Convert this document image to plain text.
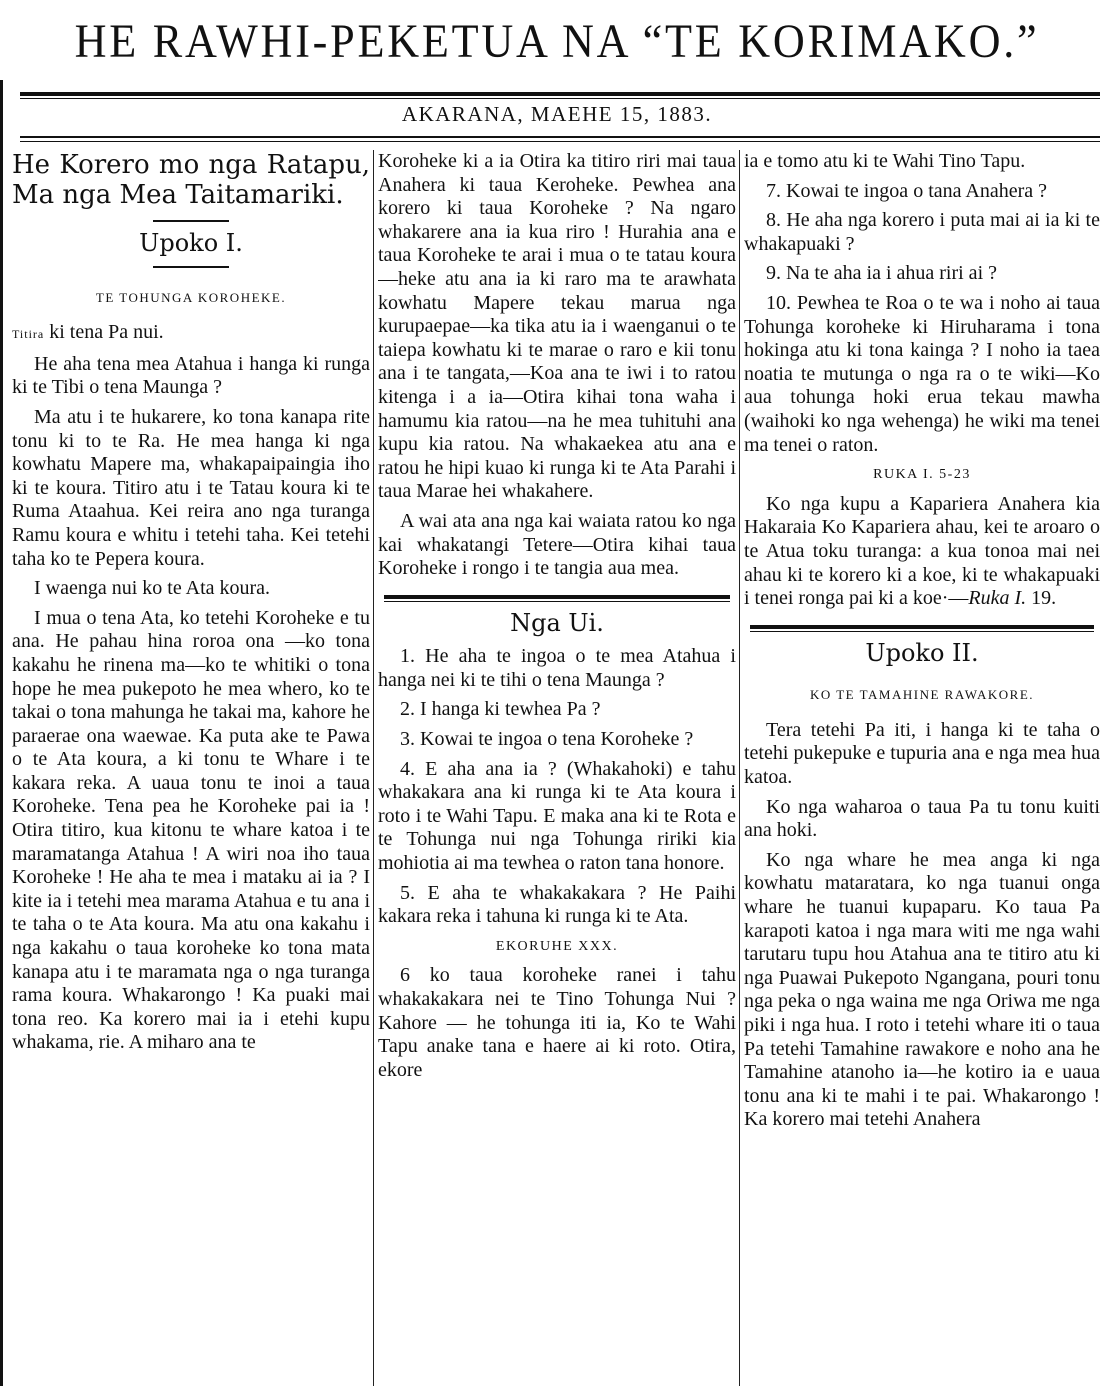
HE RAWHI-PEKETUA NA “TE KORIMAKO.”
AKARANA, MAEHE 15, 1883.
He Korero mo nga Ratapu, Ma nga Mea Taitamariki.
Upoko I.
TE TOHUNGA KOROHEKE.

Titira ki tena Pa nui.

He aha tena mea Atahua i hanga ki runga ki te Tibi o tena Maunga ?

Ma atu i te hukarere, ko tona kanapa rite tonu ki to te Ra. He mea hanga ki nga kowhatu Mapere ma, whakapaipaingia iho ki te koura. Titiro atu i te Tatau koura ki te Ruma Ataahua. Kei reira ano nga turanga Ramu koura e whitu i tetehi taha. Kei tetehi taha ko te Pepera koura.

I waenga nui ko te Ata koura.

I mua o tena Ata, ko tetehi Koroheke e tu ana. He pahau hina roroa ona —ko tona kakahu he rinena ma—ko te whitiki o tona hope he mea pukepoto he mea whero, ko te takai o tona mahunga he takai ma, kahore he paraerae ona waewae. Ka puta ake te Pawa o te Ata koura, a ki tonu te Whare i te kakara reka. A uaua tonu te inoi a taua Koroheke. Tena pea he Koroheke pai ia ! Otira titiro, kua kitonu te whare katoa i te maramatanga Atahua ! A wiri noa iho taua Koroheke ! He aha te mea i mataku ai ia ? I kite ia i tetehi mea marama Atahua e tu ana i te taha o te Ata koura. Ma atu ona kakahu i nga kakahu o taua koroheke ko tona mata kanapa atu i te maramata nga o nga turanga rama koura. Whakarongo ! Ka puaki mai tona reo. Ka korero mai ia i etehi kupu whakama, rie. A miharo ana te

Koroheke ki a ia Otira ka titiro riri mai taua Anahera ki taua Keroheke. Pewhea ana korero ki taua Koroheke ? Na ngaro whakarere ana ia kua riro ! Hurahia ana e taua Koroheke te arai i mua o te tatau koura—heke atu ana ia ki raro ma te arawhata kowhatu Mapere tekau marua nga kurupaepae—ka tika atu ia i waenganui o te taiepa kowhatu ki te marae o raro e kii tonu ana i te tangata,—Koa ana te iwi i to ratou kitenga i a ia—Otira kihai tona waha i hamumu kia ratou—na he mea tuhituhi ana kupu kia ratou. Na whakaekea atu ana e ratou he hipi kuao ki runga ki te Ata Parahi i taua Marae hei whakahere.

A wai ata ana nga kai waiata ratou ko nga kai whakatangi Tetere—Otira kihai taua Koroheke i rongo i te tangia aua mea.

Nga Ui.

1. He aha te ingoa o te mea Atahua i hanga nei ki te tihi o tena Maunga ?

2. I hanga ki tewhea Pa ?

3. Kowai te ingoa o tena Koroheke ?

4. E aha ana ia ? (Whakahoki) e tahu whakakara ana ki runga ki te Ata koura i roto i te Wahi Tapu. E maka ana ki te Rota e te Tohunga nui nga Tohunga ririki kia mohiotia ai ma tewhea o raton tana honore.

5. E aha te whakakakara ? He Paihi kakara reka i tahuna ki runga ki te Ata.

EKORUHE XXX.

6 ko taua koroheke ranei i tahu whakakakara nei te Tino Tohunga Nui ? Kahore — he tohunga iti ia, Ko te Wahi Tapu anake tana e haere ai ki roto. Otira, ekore

ia e tomo atu ki te Wahi Tino Tapu.

7. Kowai te ingoa o tana Anahera ?

8. He aha nga korero i puta mai ai ia ki te whakapuaki ?

9. Na te aha ia i ahua riri ai ?

10. Pewhea te Roa o te wa i noho ai taua Tohunga koroheke ki Hiruharama i tona hokinga atu ki tona kainga ? I noho ia taea noatia te mutunga o nga ra o te wiki—Ko aua tohunga hoki erua tekau mawha (waihoki ko nga wehenga) he wiki ma tenei ma tenei o raton.

RUKA I. 5-23

Ko nga kupu a Kapariera Anahera kia Hakaraia Ko Kapariera ahau, kei te aroaro o te Atua toku turanga: a kua tonoa mai nei ahau ki te korero ki a koe, ki te whakapuaki i tenei ronga pai ki a koe·—Ruka I. 19.

Upoko II.
KO TE TAMAHINE RAWAKORE.

Tera tetehi Pa iti, i hanga ki te taha o tetehi pukepuke e tupuria ana e nga mea hua katoa.

Ko nga waharoa o taua Pa tu tonu kuiti ana hoki.

Ko nga whare he mea anga ki nga kowhatu mataratara, ko nga tuanui onga whare he tuanui kupaparu. Ko taua Pa karapoti katoa i nga mara witi me nga wahi tarutaru tupu hou Atahua ana te titiro atu ki nga Puawai Pukepoto Ngangana, pouri tonu nga peka o nga waina me nga Oriwa me nga piki i nga hua. I roto i tetehi whare iti o taua Pa tetehi Tamahine rawakore e noho ana he Tamahine atanoho ia—he kotiro ia e uaua tonu ana ki te mahi i te pai. Whakarongo ! Ka korero mai tetehi Anahera
